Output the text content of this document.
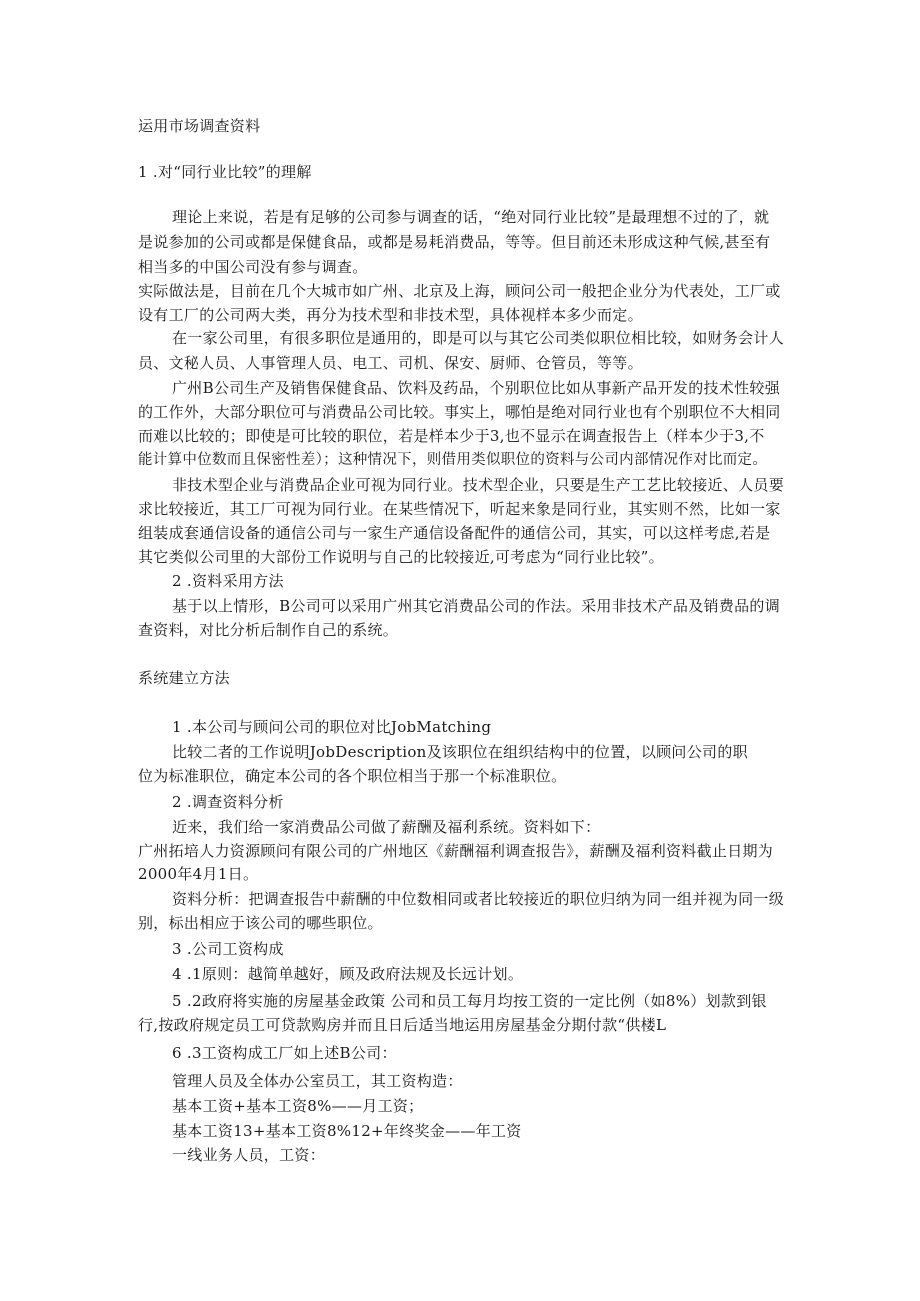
运用市场调查资料
1 .对“同行业比较”的理解
理论上来说，若是有足够的公司参与调查的话，“绝对同行业比较”是最理想不过的了，就
是说参加的公司或都是保健食品，或都是易耗消费品，等等。但目前还未形成这种气候,甚至有
相当多的中国公司没有参与调查。
实际做法是，目前在几个大城市如广州、北京及上海，顾问公司一般把企业分为代表处，工厂或
设有工厂的公司两大类，再分为技术型和非技术型，具体视样本多少而定。
在一家公司里，有很多职位是通用的，即是可以与其它公司类似职位相比较，如财务会计人
员、文秘人员、人事管理人员、电工、司机、保安、厨师、仓管员，等等。
广州B公司生产及销售保健食品、饮料及药品，个别职位比如从事新产品开发的技术性较强
的工作外，大部分职位可与消费品公司比较。事实上，哪怕是绝对同行业也有个别职位不大相同
而难以比较的；即使是可比较的职位，若是样本少于3,也不显示在调查报告上（样本少于3,不
能计算中位数而且保密性差）；这种情况下，则借用类似职位的资料与公司内部情况作对比而定。
非技术型企业与消费品企业可视为同行业。技术型企业，只要是生产工艺比较接近、人员要
求比较接近，其工厂可视为同行业。在某些情况下，听起来象是同行业，其实则不然，比如一家
组装成套通信设备的通信公司与一家生产通信设备配件的通信公司，其实，可以这样考虑,若是
其它类似公司里的大部份工作说明与自己的比较接近,可考虑为“同行业比较”。
2 .资料采用方法
基于以上情形，B公司可以采用广州其它消费品公司的作法。采用非技术产品及销费品的调
查资料，对比分析后制作自己的系统。
系统建立方法
1 .本公司与顾问公司的职位对比JobMatching
比较二者的工作说明JobDescription及该职位在组织结构中的位置，以顾问公司的职
位为标准职位，确定本公司的各个职位相当于那一个标准职位。
2 .调查资料分析
近来，我们给一家消费品公司做了薪酬及福利系统。资料如下：
广州拓培人力资源顾问有限公司的广州地区《薪酬福利调查报告》，薪酬及福利资料截止日期为
2000年4月1日。
资料分析：把调查报告中薪酬的中位数相同或者比较接近的职位归纳为同一组并视为同一级
别，标出相应于该公司的哪些职位。
3 .公司工资构成
4 .1原则：越简单越好，顾及政府法规及长远计划。
5 .2政府将实施的房屋基金政策 公司和员工每月均按工资的一定比例（如8%）划款到银
行,按政府规定员工可贷款购房并而且日后适当地运用房屋基金分期付款“供楼L
6 .3工资构成工厂如上述B公司：
管理人员及全体办公室员工，其工资构造：
基本工资+基本工资8%——月工资；
基本工资13+基本工资8%12+年终奖金——年工资
一线业务人员，工资：
